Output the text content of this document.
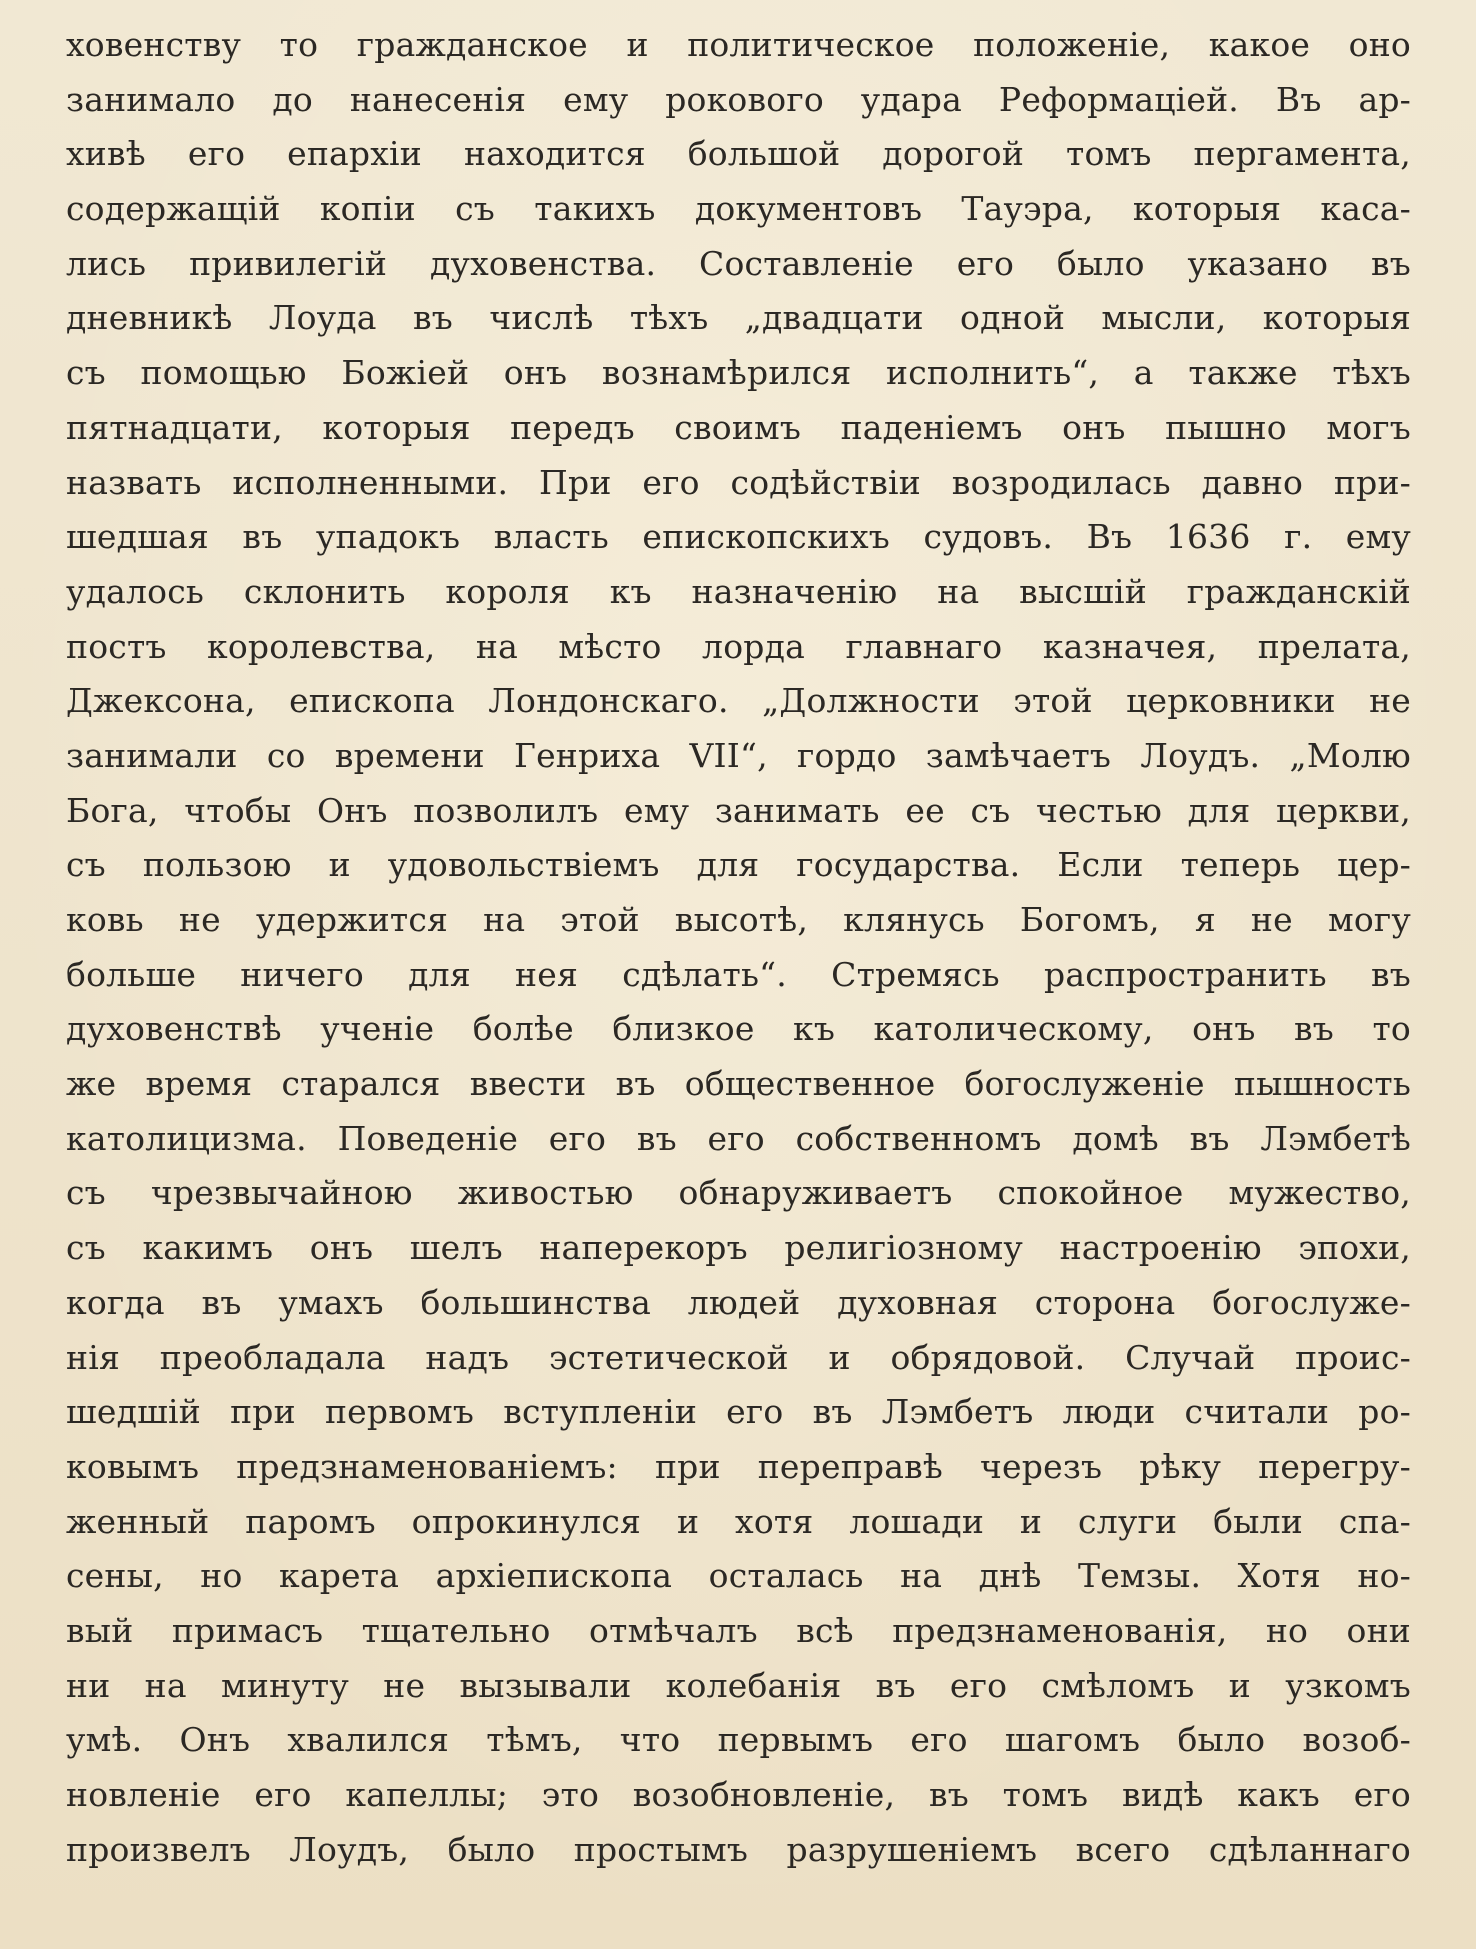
ховенству то гражданское и политическое положенiе, какое оно
занимало до нанесенiя ему рокового удара Реформацiей. Въ ар-
хивѣ его епархiи находится большой дорогой томъ пергамента,
содержащiй копiи съ такихъ документовъ Тауэра, которыя каса-
лись привилегiй духовенства. Составленiе его было указано въ
дневникѣ Лоуда въ числѣ тѣхъ „двадцати одной мысли, которыя
съ помощью Божiей онъ вознамѣрился исполнить“, а также тѣхъ
пятнадцати, которыя передъ своимъ паденiемъ онъ пышно могъ
назвать исполненными. При его содѣйствiи возродилась давно при-
шедшая въ упадокъ власть епископскихъ судовъ. Въ 1636 г. ему
удалось склонить короля къ назначенiю на высшiй гражданскiй
постъ королевства, на мѣсто лорда главнаго казначея, прелата,
Джексона, епископа Лондонскаго. „Должности этой церковники не
занимали со времени Генриха VII“, гордо замѣчаетъ Лоудъ. „Молю
Бога, чтобы Онъ позволилъ ему занимать ее съ честью для церкви,
съ пользою и удовольствiемъ для государства. Если теперь цер-
ковь не удержится на этой высотѣ, клянусь Богомъ, я не могу
больше ничего для нея сдѣлать“. Стремясь распространить въ
духовенствѣ ученiе болѣе близкое къ католическому, онъ въ то
же время старался ввести въ общественное богослуженiе пышность
католицизма. Поведенiе его въ его собственномъ домѣ въ Лэмбетѣ
съ чрезвычайною живостью обнаруживаетъ спокойное мужество,
съ какимъ онъ шелъ наперекоръ религiозному настроенiю эпохи,
когда въ умахъ большинства людей духовная сторона богослуже-
нiя преобладала надъ эстетической и обрядовой. Случай проис-
шедшiй при первомъ вступленiи его въ Лэмбетъ люди считали ро-
ковымъ предзнаменованiемъ: при переправѣ черезъ рѣку перегру-
женный паромъ опрокинулся и хотя лошади и слуги были спа-
сены, но карета архiепископа осталась на днѣ Темзы. Хотя но-
вый примасъ тщательно отмѣчалъ всѣ предзнаменованiя, но они
ни на минуту не вызывали колебанiя въ его смѣломъ и узкомъ
умѣ. Онъ хвалился тѣмъ, что первымъ его шагомъ было возоб-
новленiе его капеллы; это возобновленiе, въ томъ видѣ какъ его
произвелъ Лоудъ, было простымъ разрушенiемъ всего сдѣланнаго
